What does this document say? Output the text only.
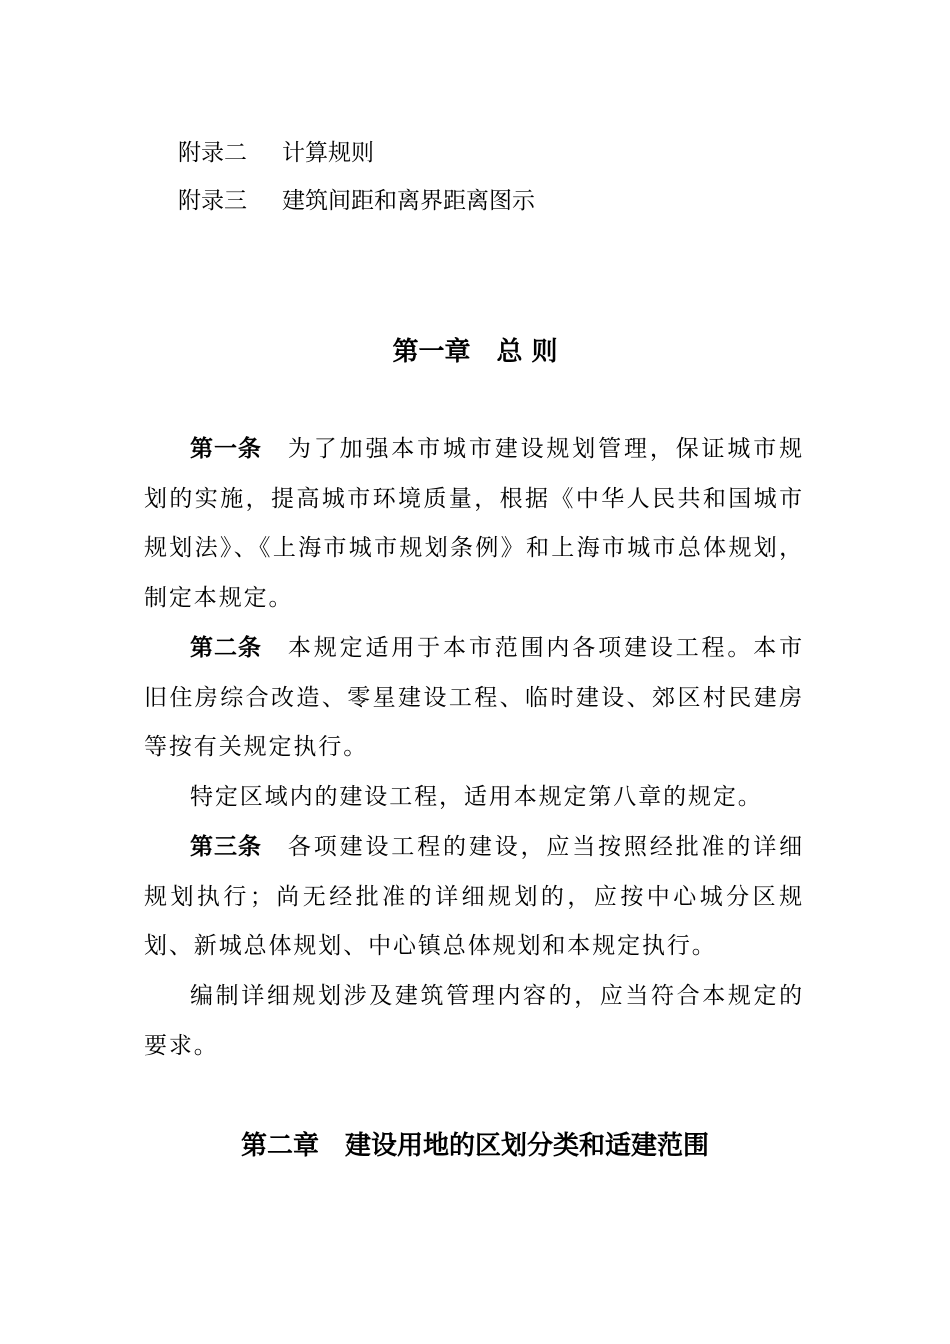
附录二 计算规则
附录三 建筑间距和离界距离图示
第一章　总 则
第一条 为了加强本市城市建设规划管理，保证城市规划的实施，提高城市环境质量，根据《中华人民共和国城市规划法》、《上海市城市规划条例》和上海市城市总体规划，制定本规定。
第二条 本规定适用于本市范围内各项建设工程。本市旧住房综合改造、零星建设工程、临时建设、郊区村民建房等按有关规定执行。
特定区域内的建设工程，适用本规定第八章的规定。
第三条 各项建设工程的建设，应当按照经批准的详细规划执行；尚无经批准的详细规划的，应按中心城分区规划、新城总体规划、中心镇总体规划和本规定执行。
编制详细规划涉及建筑管理内容的，应当符合本规定的要求。
第二章　建设用地的区划分类和适建范围
